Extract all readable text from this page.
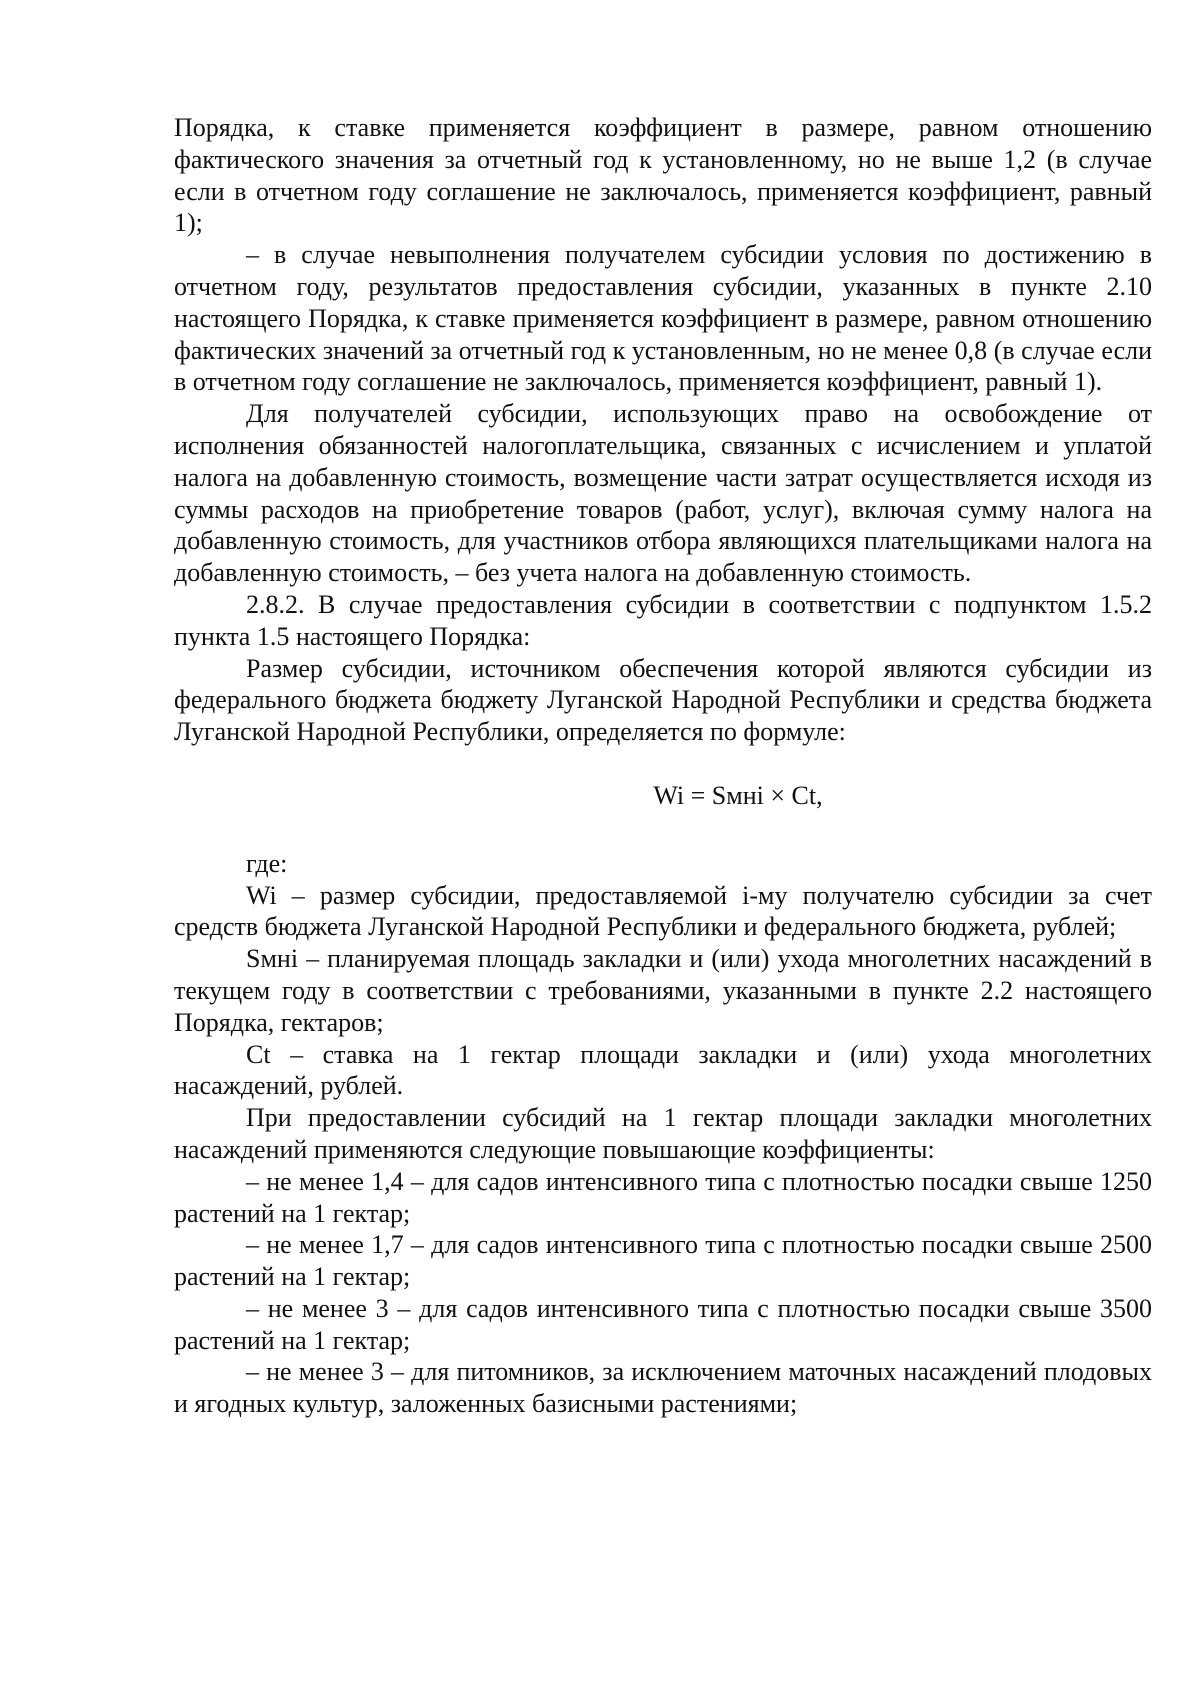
Порядка, к ставке применяется коэффициент в размере, равном отношению фактического значения за отчетный год к установленному, но не выше 1,2 (в случае если в отчетном году соглашение не заключалось, применяется коэффициент, равный 1);

– в случае невыполнения получателем субсидии условия по достижению в отчетном году, результатов предоставления субсидии, указанных в пункте 2.10 настоящего Порядка, к ставке применяется коэффициент в размере, равном отношению фактических значений за отчетный год к установленным, но не менее 0,8 (в случае если в отчетном году соглашение не заключалось, применяется коэффициент, равный 1).

Для получателей субсидии, использующих право на освобождение от исполнения обязанностей налогоплательщика, связанных с исчислением и уплатой налога на добавленную стоимость, возмещение части затрат осуществляется исходя из суммы расходов на приобретение товаров (работ, услуг), включая сумму налога на добавленную стоимость, для участников отбора являющихся плательщиками налога на добавленную стоимость, – без учета налога на добавленную стоимость.

2.8.2. В случае предоставления субсидии в соответствии с подпунктом 1.5.2 пункта 1.5 настоящего Порядка:

Размер субсидии, источником обеспечения которой являются субсидии из федерального бюджета бюджету Луганской Народной Республики и средства бюджета Луганской Народной Республики, определяется по формуле:

Wi = Sмнi × Ct,

где:

Wi – размер субсидии, предоставляемой i-му получателю субсидии за счет средств бюджета Луганской Народной Республики и федерального бюджета, рублей;

Sмнi – планируемая площадь закладки и (или) ухода многолетних насаждений в текущем году в соответствии с требованиями, указанными в пункте 2.2 настоящего Порядка, гектаров;

Ct – ставка на 1 гектар площади закладки и (или) ухода многолетних насаждений, рублей.

При предоставлении субсидий на 1 гектар площади закладки многолетних насаждений применяются следующие повышающие коэффициенты:

– не менее 1,4 – для садов интенсивного типа с плотностью посадки свыше 1250 растений на 1 гектар;

– не менее 1,7 – для садов интенсивного типа с плотностью посадки свыше 2500 растений на 1 гектар;

– не менее 3 – для садов интенсивного типа с плотностью посадки свыше 3500 растений на 1 гектар;

– не менее 3 – для питомников, за исключением маточных насаждений плодовых и ягодных культур, заложенных базисными растениями;
